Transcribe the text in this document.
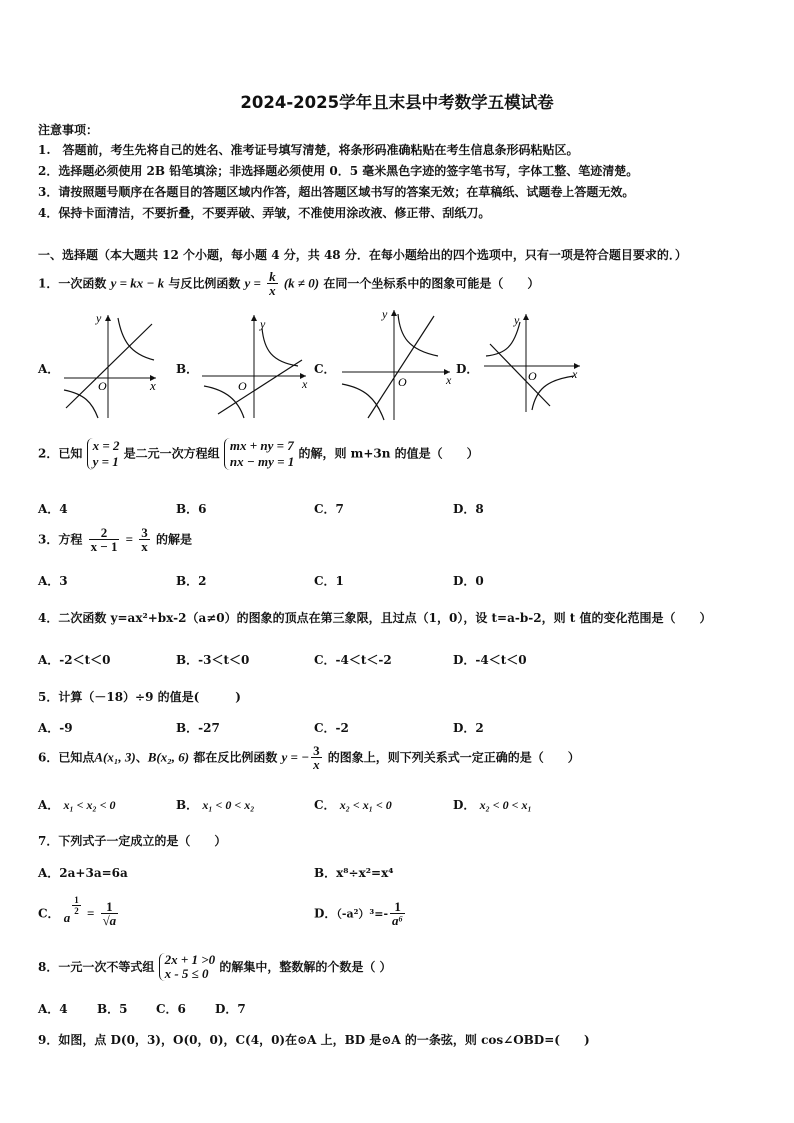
2024-2025学年且末县中考数学五模试卷
注意事项：
1.　答题前，考生先将自己的姓名、准考证号填写清楚，将条形码准确粘贴在考生信息条形码粘贴区。
2．选择题必须使用 2B 铅笔填涂；非选择题必须使用 0．5 毫米黑色字迹的签字笔书写，字体工整、笔迹清楚。
3．请按照题号顺序在各题目的答题区域内作答，超出答题区域书写的答案无效；在草稿纸、试题卷上答题无效。
4．保持卡面清洁，不要折叠，不要弄破、弄皱，不准使用涂改液、修正带、刮纸刀。
一、选择题（本大题共 12 个小题，每小题 4 分，共 48 分．在每小题给出的四个选项中，只有一项是符合题目要求的．）
1．一次函数 y = kx − k 与反比例函数 $y = \frac{k}{x} (k \ne 0)$ 在同一个坐标系中的图象可能是（　　）
A．	B．	C．	D．
x
y
O	x
y
O	x
y
O
x
y
O
2．已知
x = 2
y = 1
是二元一次方程组
mx + ny = 7
nx − my = 1
的解，则 m+3n 的值是（　　）
A．4	B．6	C．7	D．8
3．方程 $\frac{2}{x - 1} = \frac{3}{x}$ 的解是
A．3	B．2	C．1	D．0
4．二次函数 y=ax²+bx-2（a≠0）的图象的顶点在第三象限，且过点（1，0），设 t=a-b-2，则 t 值的变化范围是（　　）
A．-2＜t＜0	B．-3＜t＜0	C．-4＜t＜-2	D．-4＜t＜0
5．计算（－18）÷9 的值是(　　　)
A．-9	B．-27	C．-2	D．2
6．已知点A(x₁, 3)、B(x₂, 6) 都在反比例函数 y = − $\frac{3}{x}$ 的图象上，则下列关系式一定正确的是（　　）
A． x₁ < x₂ < 0	B． x₁ < 0 < x₂	C． x₂ < x₁ < 0	D． x₂ < 0 < x₁
7．下列式子一定成立的是（　　）
A．2a+3a=6a	B．x⁸÷x²=x⁴
C． a
$\frac{1}{2} = \frac{1}{√a}$	D．$(-a^2)^3=- \frac{1}{\text{a⁶}}$
8．一元一次不等式组 2x + 1 >0
x - 5 ≤ 0 的解集中，整数解的个数是（ ）
A．4 B．5 C．6 D．7
9．如图，点 D(0，3)，O(0，0)，C(4，0)在⊙A 上，BD 是⊙A 的一条弦，则 cos∠OBD=(　　)
